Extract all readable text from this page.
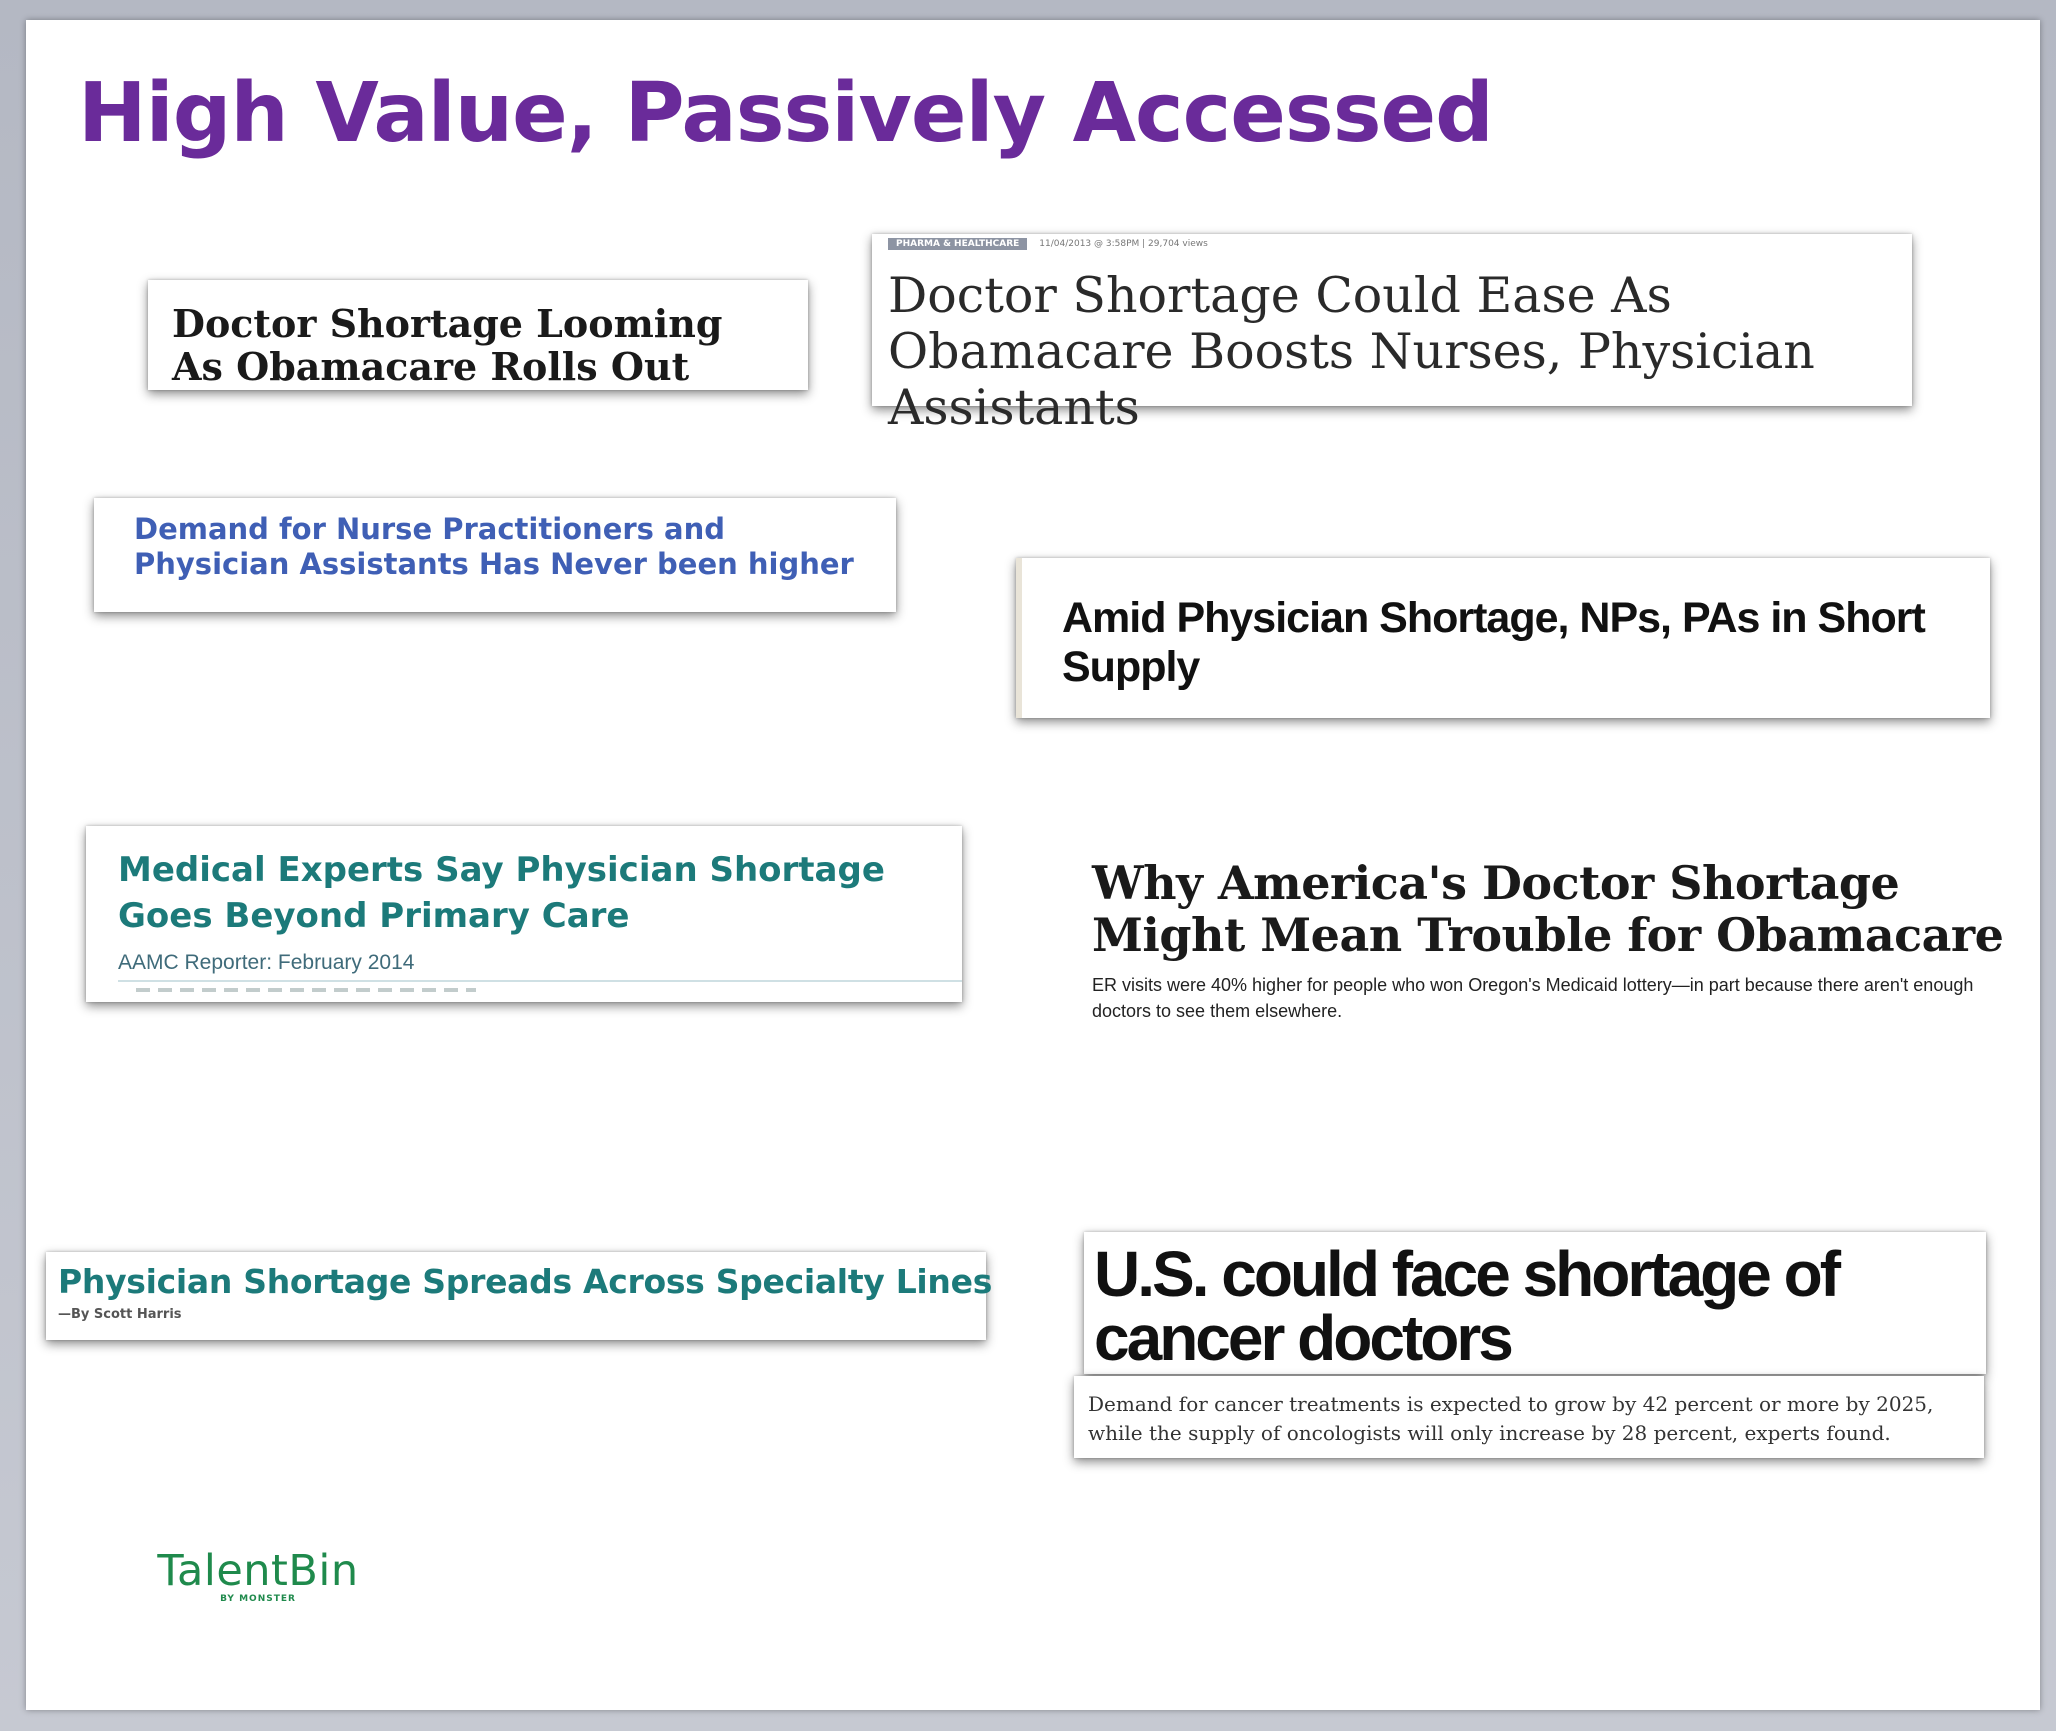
High Value, Passively Accessed

Doctor Shortage Looming As Obamacare Rolls Out

PHARMA & HEALTHCARE	11/04/2013 @ 3:58PM | 29,704 views

Doctor Shortage Could Ease As Obamacare Boosts Nurses, Physician Assistants

Demand for Nurse Practitioners and Physician Assistants Has Never been higher

Amid Physician Shortage, NPs, PAs in Short Supply

Medical Experts Say Physician Shortage Goes Beyond Primary Care

AAMC Reporter: February 2014

Why America's Doctor Shortage Might Mean Trouble for Obamacare

ER visits were 40% higher for people who won Oregon's Medicaid lottery—in part because there aren't enough doctors to see them elsewhere.

Physician Shortage Spreads Across Specialty Lines

—By Scott Harris

U.S. could face shortage of cancer doctors

Demand for cancer treatments is expected to grow by 42 percent or more by 2025, while the supply of oncologists will only increase by 28 percent, experts found.

TalentBin
BY MONSTER
